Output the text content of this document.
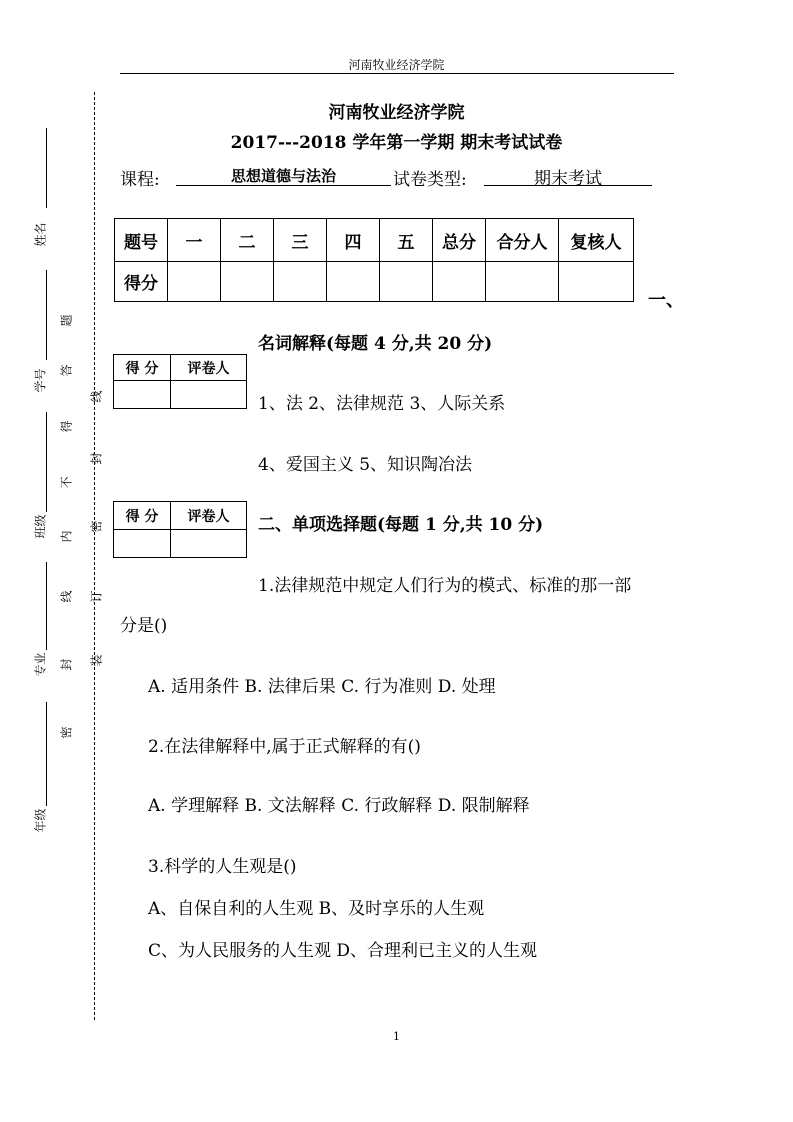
河南牧业经济学院
姓名
学号
班级
专业
年级
题
答
得
不
内
线
封
密
线
封
密
订
装
河南牧业经济学院
2017---2018 学年第一学期 期末考试试卷
课程:	思想道德与法治	试卷类型:	期末考试
题号	一	二	三	四	五	总分	合分人	复核人
得分								
一、
名词解释(每题 4 分,共 20 分)
得 分	评卷人

1、法 2、法律规范 3、人际关系
4、爱国主义 5、知识陶冶法
得 分	评卷人
	二、单项选择题(每题 1 分,共 10 分)
1.法律规范中规定人们行为的模式、标准的那一部
分是()
A. 适用条件 B. 法律后果 C. 行为准则 D. 处理
2.在法律解释中,属于正式解释的有()
A. 学理解释 B. 文法解释 C. 行政解释 D. 限制解释
3.科学的人生观是()
A、自保自利的人生观 B、及时享乐的人生观
C、为人民服务的人生观 D、合理利已主义的人生观
1
